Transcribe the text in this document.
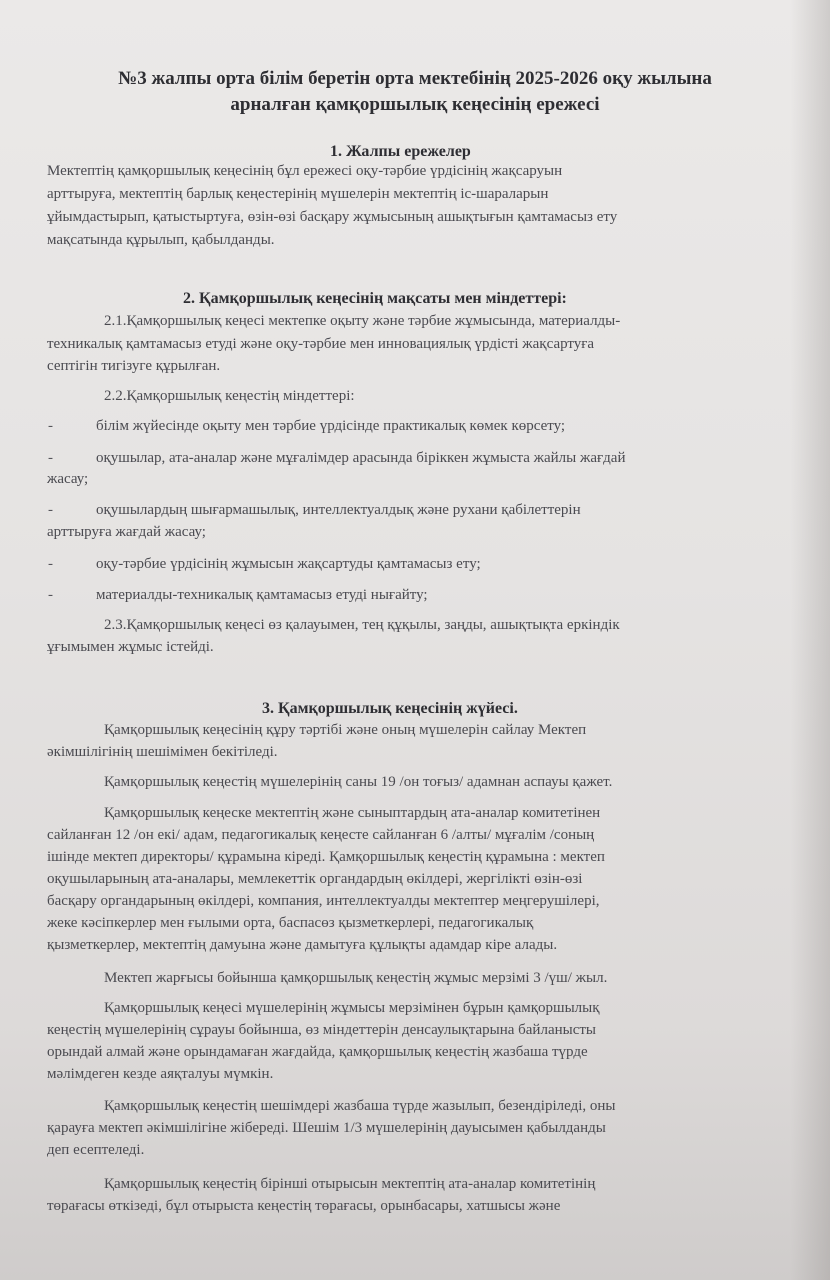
№3 жалпы орта білім беретін орта мектебінің 2025-2026 оқу жылына
арналған қамқоршылық кеңесінің ережесі
1. Жалпы ережелер
Мектептің қамқоршылық кеңесінің бұл ережесі оқу-тәрбие үрдісінің жақсаруын
арттыруға, мектептің барлық кеңестерінің мүшелерін мектептің іс-шараларын
ұйымдастырып, қатыстыртуға, өзін-өзі басқару жұмысының ашықтығын қамтамасыз ету
мақсатында құрылып, қабылданды.
2. Қамқоршылық кеңесінің мақсаты мен міндеттері:
2.1.Қамқоршылық кеңесі мектепке оқыту және тәрбие жұмысында, материалды-
техникалық қамтамасыз етуді және оқу-тәрбие мен инновациялық үрдісті жақсартуға
септігін тигізуге құрылған.
2.2.Қамқоршылық кеңестің міндеттері:
-	білім жүйесінде оқыту мен тәрбие үрдісінде практикалық көмек көрсету;
-	оқушылар, ата-аналар және мұғалімдер арасында біріккен жұмыста жайлы жағдай
жасау;
-	оқушылардың шығармашылық, интеллектуалдық және рухани қабілеттерін
арттыруға жағдай жасау;
-	оқу-тәрбие үрдісінің жұмысын жақсартуды қамтамасыз ету;
-	материалды-техникалық қамтамасыз етуді нығайту;
2.3.Қамқоршылық кеңесі өз қалауымен, тең құқылы, заңды, ашықтықта еркіндік
ұғымымен жұмыс істейді.
3. Қамқоршылық кеңесінің жүйесі.
Қамқоршылық кеңесінің құру тәртібі және оның мүшелерін сайлау Мектеп
әкімшілігінің шешімімен бекітіледі.
Қамқоршылық кеңестің мүшелерінің саны 19 /он тоғыз/ адамнан аспауы қажет.
Қамқоршылық кеңеске мектептің және сыныптардың ата-аналар комитетінен
сайланған 12 /он екі/ адам, педагогикалық кеңесте сайланған 6 /алты/ мұғалім /соның
ішінде мектеп директоры/ құрамына кіреді. Қамқоршылық кеңестің құрамына : мектеп
оқушыларының ата-аналары, мемлекеттік органдардың өкілдері, жергілікті өзін-өзі
басқару органдарының өкілдері, компания, интеллектуалды мектептер меңгерушілері,
жеке кәсіпкерлер мен ғылыми орта, баспасөз қызметкерлері, педагогикалық
қызметкерлер, мектептің дамуына және дамытуға құлықты адамдар кіре алады.
Мектеп жарғысы бойынша қамқоршылық кеңестің жұмыс мерзімі 3 /үш/ жыл.
Қамқоршылық кеңесі мүшелерінің жұмысы мерзімінен бұрын қамқоршылық
кеңестің мүшелерінің сұрауы бойынша, өз міндеттерін денсаулықтарына байланысты
орындай алмай және орындамаған жағдайда, қамқоршылық кеңестің жазбаша түрде
мәлімдеген кезде аяқталуы мүмкін.
Қамқоршылық кеңестің шешімдері жазбаша түрде жазылып, безендіріледі, оны
қарауға мектеп әкімшілігіне жібереді. Шешім 1/3 мүшелерінің дауысымен қабылданды
деп есептеледі.
Қамқоршылық кеңестің бірінші отырысын мектептің ата-аналар комитетінің
төрағасы өткізеді, бұл отырыста кеңестің төрағасы, орынбасары, хатшысы және
